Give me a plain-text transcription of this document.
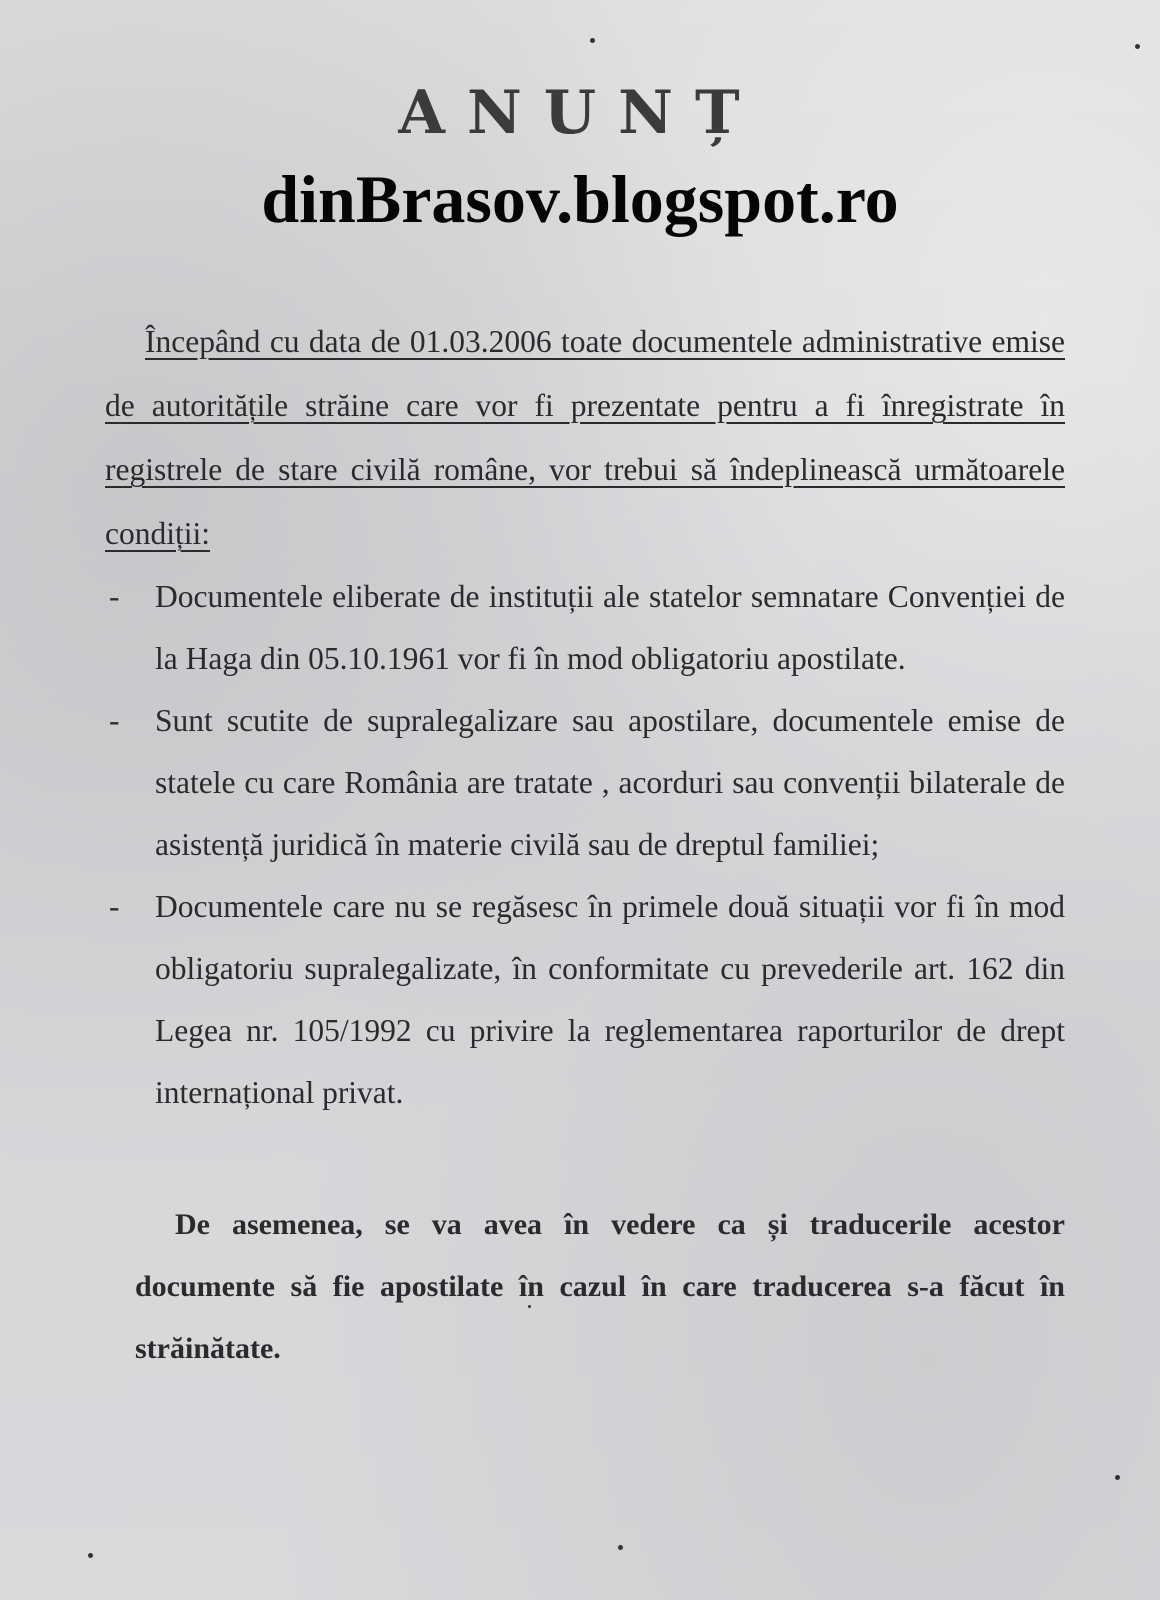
ANUNȚ
dinBrasov.blogspot.ro

Începând cu data de 01.03.2006 toate documentele administrative emise de autoritățile străine care vor fi prezentate pentru a fi înregistrate în registrele de stare civilă române, vor trebui să îndeplinească următoarele condiții:

- Documentele eliberate de instituții ale statelor semnatare Convenției de la Haga din 05.10.1961 vor fi în mod obligatoriu apostilate.
- Sunt scutite de supralegalizare sau apostilare, documentele emise de statele cu care România are tratate , acorduri sau convenții bilaterale de asistență juridică în materie civilă sau de dreptul familiei;
- Documentele care nu se regăsesc în primele două situații vor fi în mod obligatoriu supralegalizate, în conformitate cu prevederile art. 162 din Legea nr. 105/1992 cu privire la reglementarea raporturilor de drept internațional privat.

De asemenea, se va avea în vedere ca și traducerile acestor documente să fie apostilate în cazul în care traducerea s-a făcut în străinătate.
